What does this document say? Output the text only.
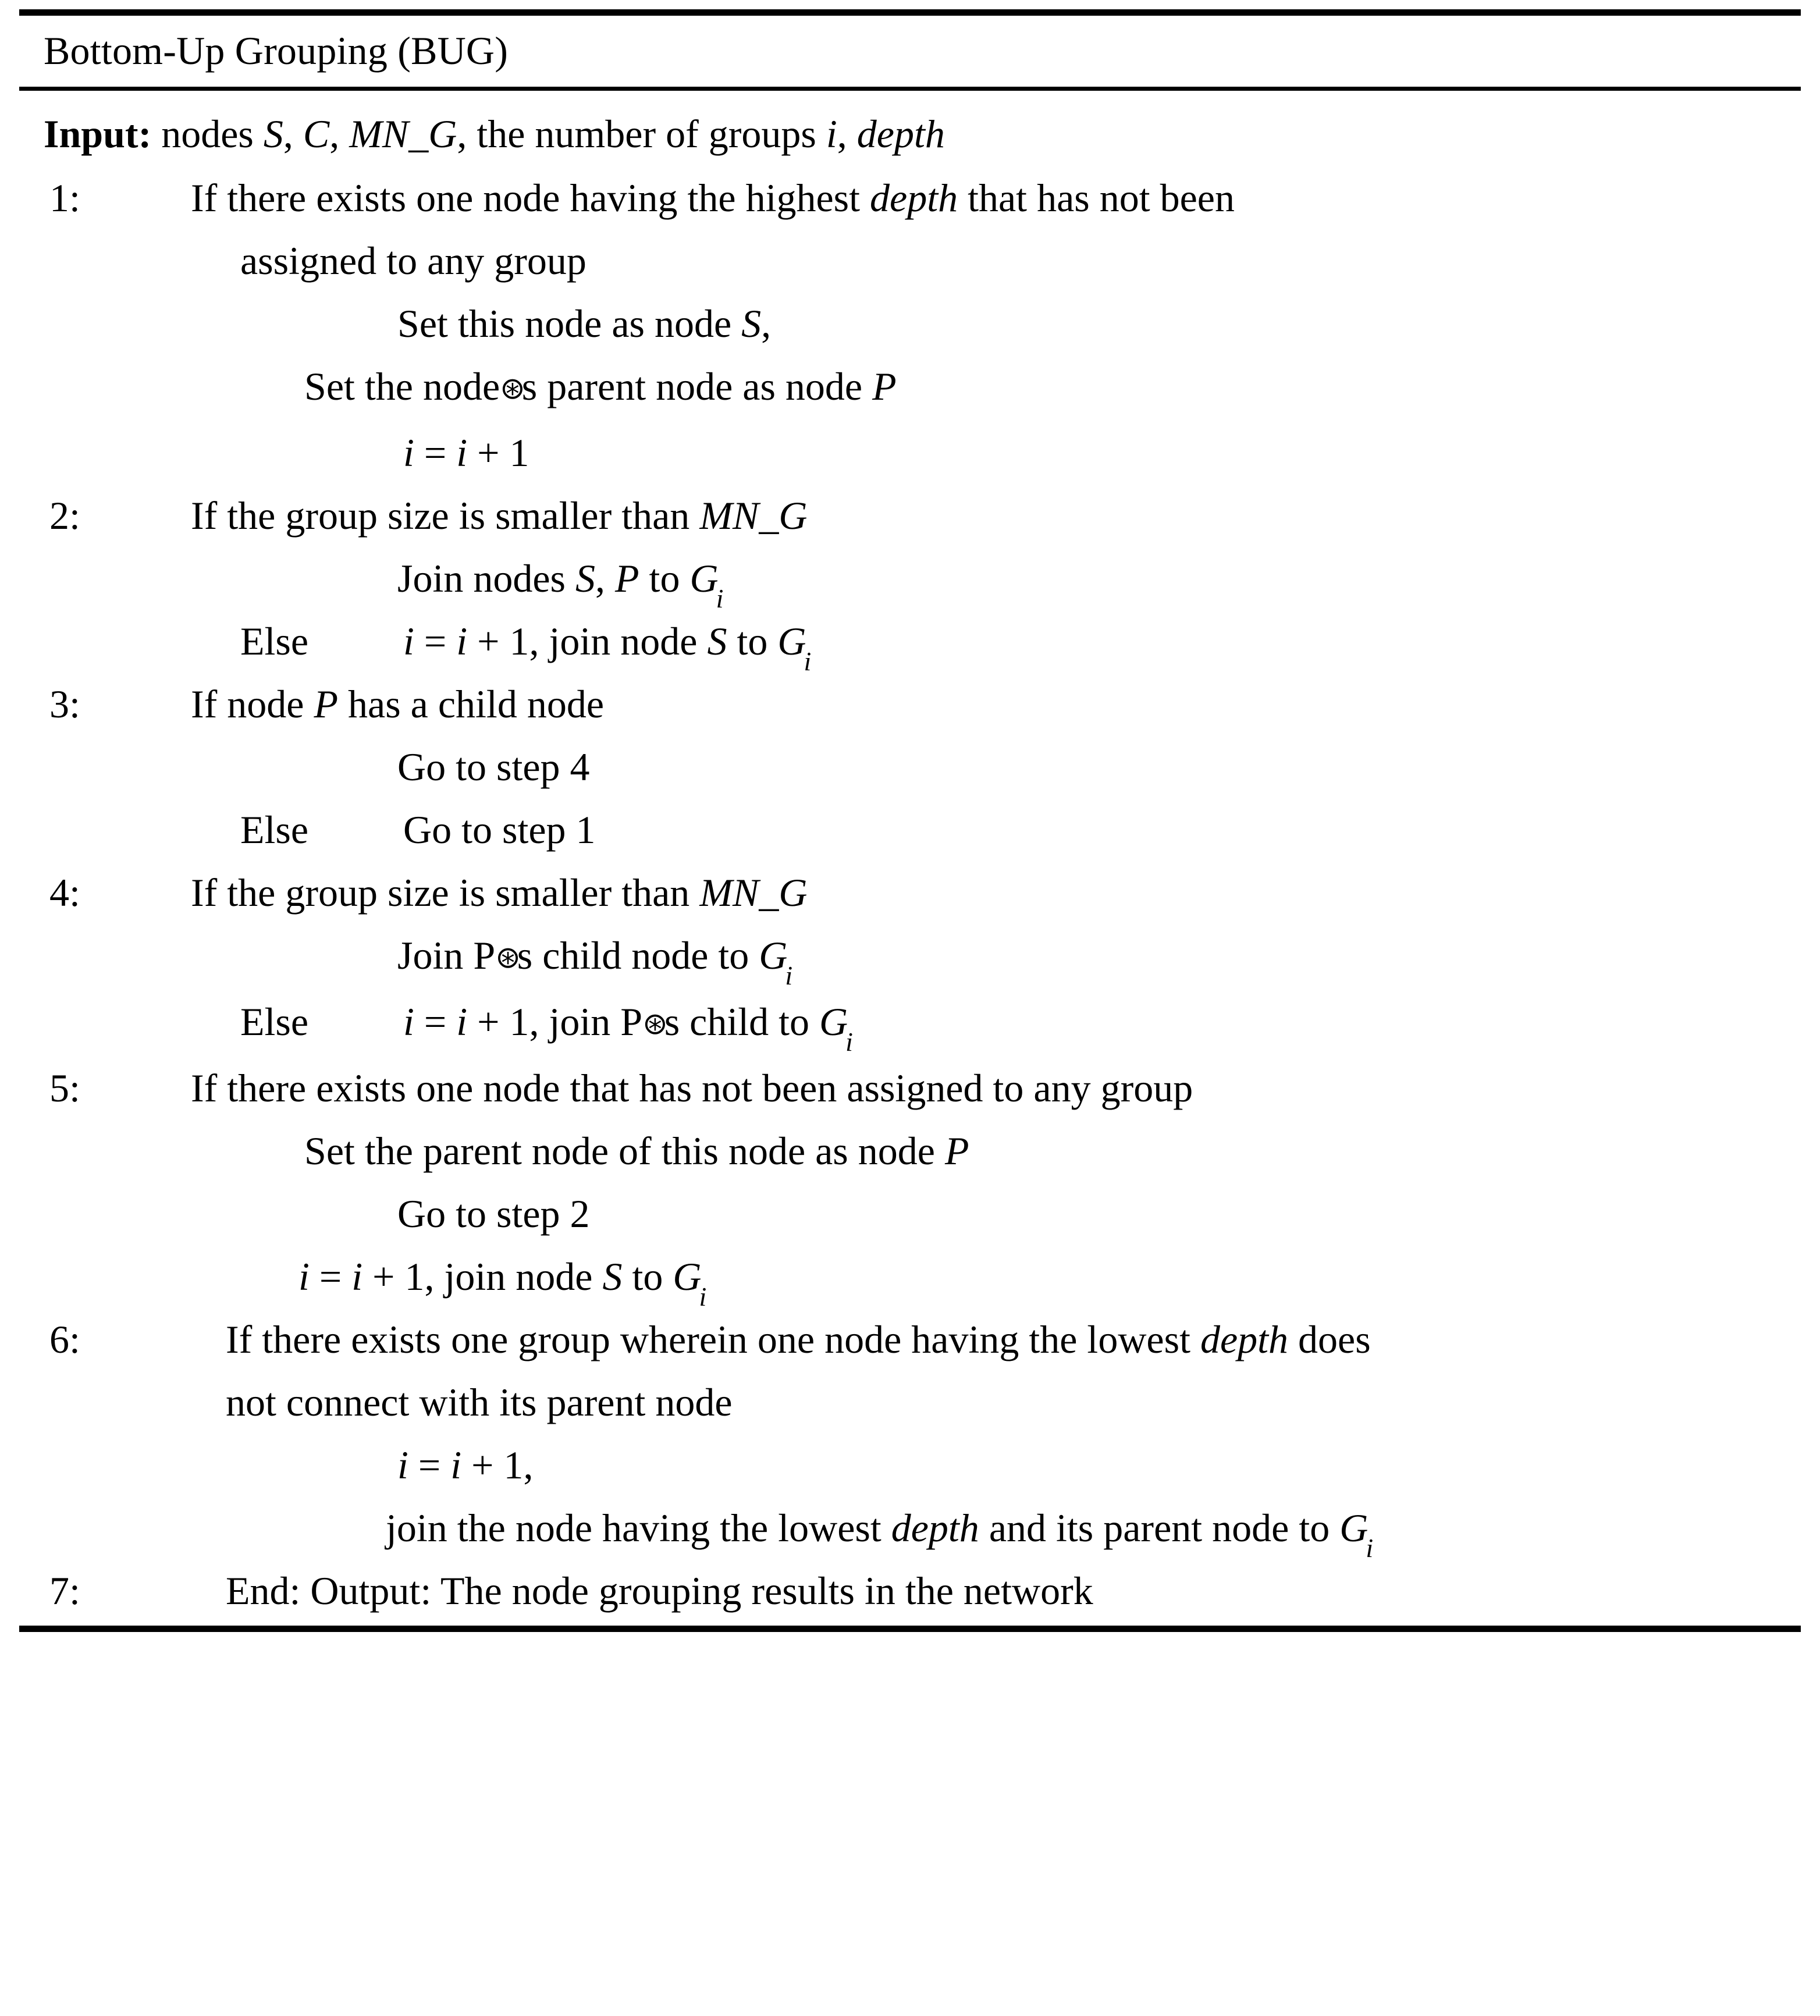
Bottom-Up Grouping (BUG)
Input: nodes S, C, MN_G, the number of groups i, depth
1:	If there exists one node having the highest depth that has not been
assigned to any group
Set this node as node S,
Set the node⊛ s parent node as node P
i = i + 1
2:	If the group size is smaller than MN_G
Join nodes S, P to $G_i$
Else i = i + 1, join node S to $G_i$
3:	If node P has a child node
Go to step 4
Else Go to step 1
4:	If the group size is smaller than MN_G
Join P⊛ s child node to $G_i$
Else i = i + 1, join P⊛ s child to $G_i$
5:	If there exists one node that has not been assigned to any group
Set the parent node of this node as node P
Go to step 2
i = i + 1, join node S to $G_i$
6:	If there exists one group wherein one node having the lowest depth does
not connect with its parent node
i = i + 1,
join the node having the lowest depth and its parent node to $G_i$
7:	End: Output: The node grouping results in the network
